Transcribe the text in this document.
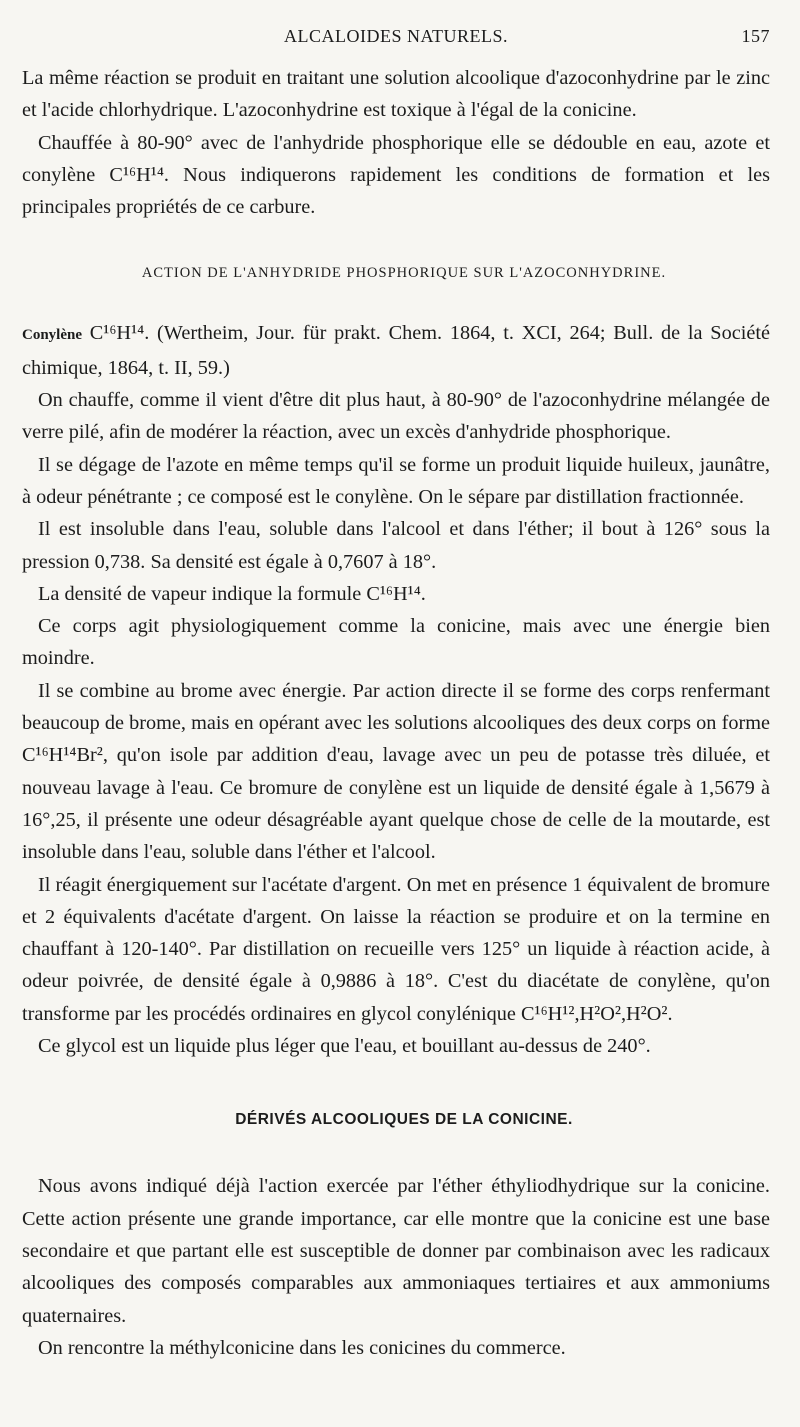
ALCALOIDES NATURELS.	157

La même réaction se produit en traitant une solution alcoolique d'azoconhydrine par le zinc et l'acide chlorhydrique. L'azoconhydrine est toxique à l'égal de la conicine.

Chauffée à 80-90° avec de l'anhydride phosphorique elle se dédouble en eau, azote et conylène C¹⁶H¹⁴. Nous indiquerons rapidement les conditions de formation et les principales propriétés de ce carbure.

ACTION DE L'ANHYDRIDE PHOSPHORIQUE SUR L'AZOCONHYDRINE.

Conylène C¹⁶H¹⁴. (Wertheim, Jour. für prakt. Chem. 1864, t. XCI, 264; Bull. de la Société chimique, 1864, t. II, 59.)

On chauffe, comme il vient d'être dit plus haut, à 80-90° de l'azoconhydrine mélangée de verre pilé, afin de modérer la réaction, avec un excès d'anhydride phosphorique.

Il se dégage de l'azote en même temps qu'il se forme un produit liquide huileux, jaunâtre, à odeur pénétrante ; ce composé est le conylène. On le sépare par distillation fractionnée.

Il est insoluble dans l'eau, soluble dans l'alcool et dans l'éther; il bout à 126° sous la pression 0,738. Sa densité est égale à 0,7607 à 18°.

La densité de vapeur indique la formule C¹⁶H¹⁴.

Ce corps agit physiologiquement comme la conicine, mais avec une énergie bien moindre.

Il se combine au brome avec énergie. Par action directe il se forme des corps renfermant beaucoup de brome, mais en opérant avec les solutions alcooliques des deux corps on forme C¹⁶H¹⁴Br², qu'on isole par addition d'eau, lavage avec un peu de potasse très diluée, et nouveau lavage à l'eau. Ce bromure de conylène est un liquide de densité égale à 1,5679 à 16°,25, il présente une odeur désagréable ayant quelque chose de celle de la moutarde, est insoluble dans l'eau, soluble dans l'éther et l'alcool.

Il réagit énergiquement sur l'acétate d'argent. On met en présence 1 équivalent de bromure et 2 équivalents d'acétate d'argent. On laisse la réaction se produire et on la termine en chauffant à 120-140°. Par distillation on recueille vers 125° un liquide à réaction acide, à odeur poivrée, de densité égale à 0,9886 à 18°. C'est du diacétate de conylène, qu'on transforme par les procédés ordinaires en glycol conylénique C¹⁶H¹²,H²O²,H²O².

Ce glycol est un liquide plus léger que l'eau, et bouillant au-dessus de 240°.

DÉRIVÉS ALCOOLIQUES DE LA CONICINE.

Nous avons indiqué déjà l'action exercée par l'éther éthyliodhydrique sur la conicine. Cette action présente une grande importance, car elle montre que la conicine est une base secondaire et que partant elle est susceptible de donner par combinaison avec les radicaux alcooliques des composés comparables aux ammoniaques tertiaires et aux ammoniums quaternaires.

On rencontre la méthylconicine dans les conicines du commerce.
